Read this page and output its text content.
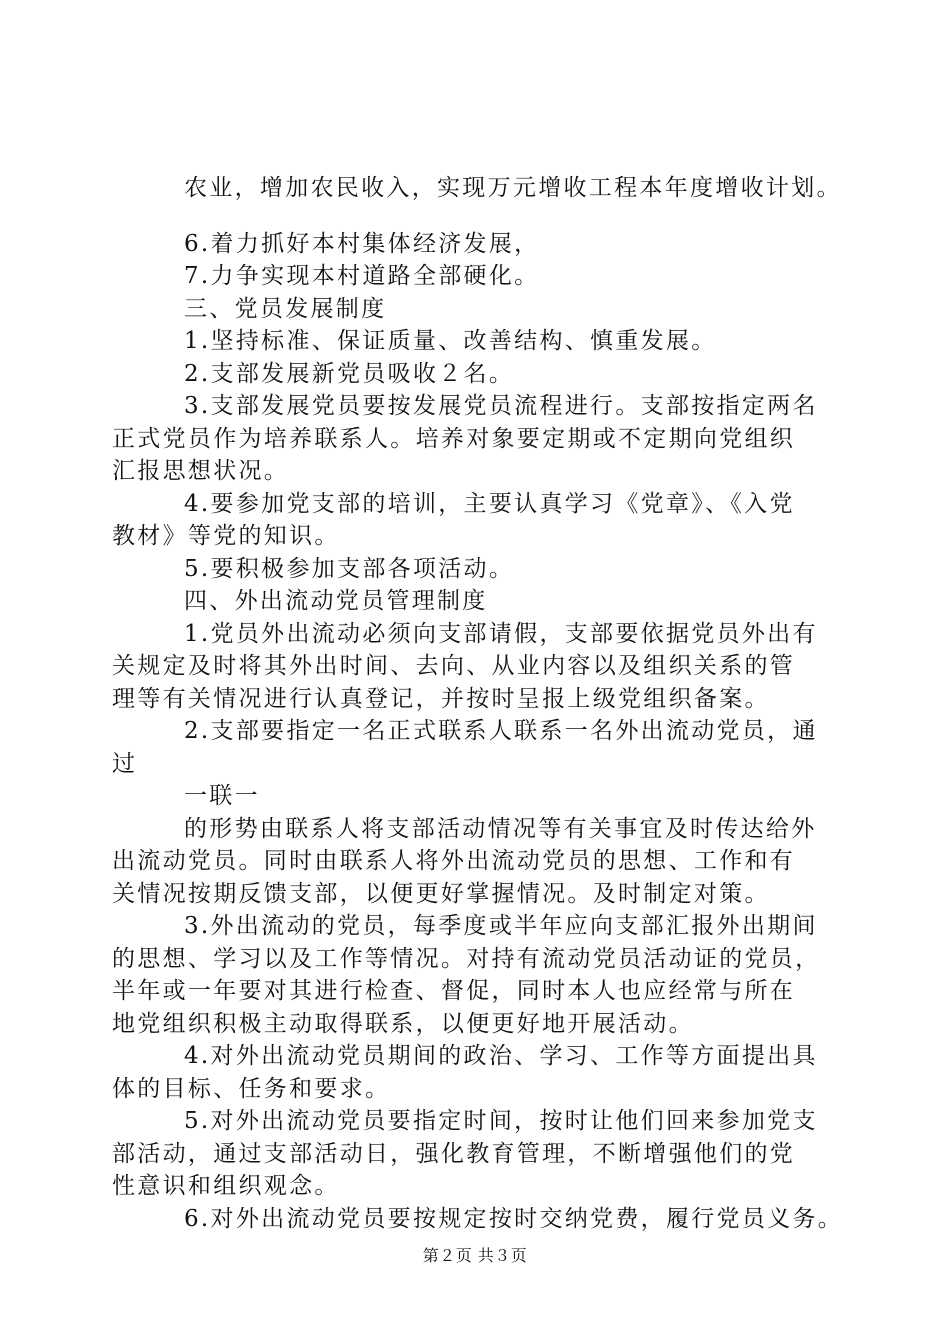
农业，增加农民收入，实现万元增收工程本年度增收计划。

6.着力抓好本村集体经济发展，

7.力争实现本村道路全部硬化。

三、党员发展制度

1.坚持标准、保证质量、改善结构、慎重发展。

2.支部发展新党员吸收２名。

3.支部发展党员要按发展党员流程进行。支部按指定两名

正式党员作为培养联系人。培养对象要定期或不定期向党组织

汇报思想状况。

4.要参加党支部的培训，主要认真学习《党章》、《入党

教材》等党的知识。

5.要积极参加支部各项活动。

四、外出流动党员管理制度

1.党员外出流动必须向支部请假，支部要依据党员外出有

关规定及时将其外出时间、去向、从业内容以及组织关系的管

理等有关情况进行认真登记，并按时呈报上级党组织备案。

2.支部要指定一名正式联系人联系一名外出流动党员，通

过

一联一

的形势由联系人将支部活动情况等有关事宜及时传达给外

出流动党员。同时由联系人将外出流动党员的思想、工作和有

关情况按期反馈支部，以便更好掌握情况。及时制定对策。

3.外出流动的党员，每季度或半年应向支部汇报外出期间

的思想、学习以及工作等情况。对持有流动党员活动证的党员，

半年或一年要对其进行检查、督促，同时本人也应经常与所在

地党组织积极主动取得联系，以便更好地开展活动。

4.对外出流动党员期间的政治、学习、工作等方面提出具

体的目标、任务和要求。

5.对外出流动党员要指定时间，按时让他们回来参加党支

部活动，通过支部活动日，强化教育管理，不断增强他们的党

性意识和组织观念。

6.对外出流动党员要按规定按时交纳党费，履行党员义务。

第２页 共３页
